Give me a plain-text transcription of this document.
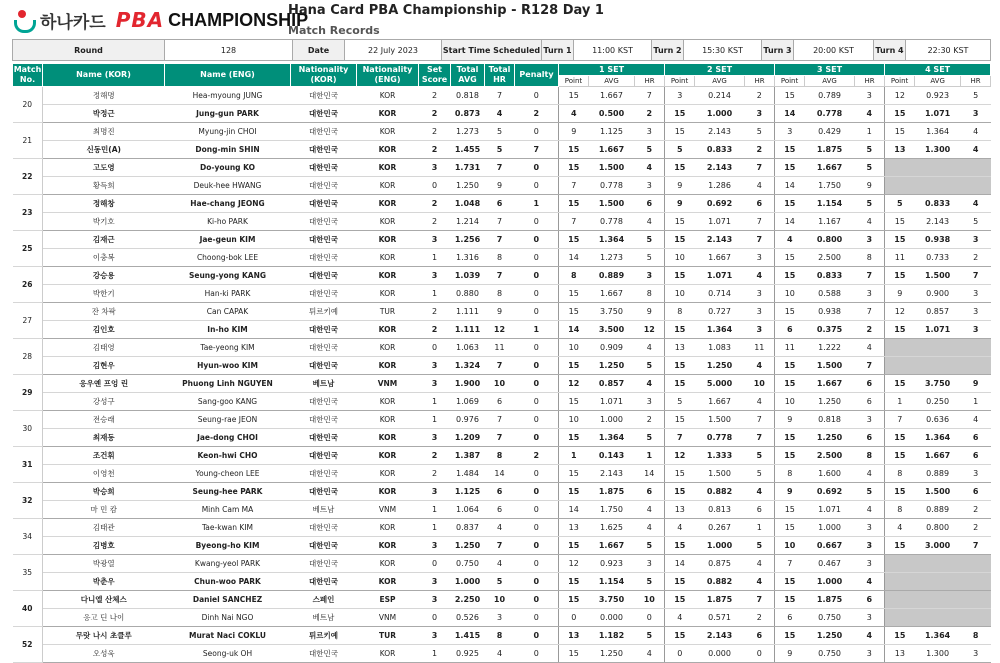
하나카드 PBA CHAMPIONSHIP
Hana Card PBA Championship - R128 Day 1
Match Records
Round	128	Date	22 July 2023	Start Time Scheduled	Turn 1	11:00 KST	Turn 2	15:30 KST	Turn 3	20:00 KST	Turn 4	22:30 KST
Match No.	Name (KOR)	Name (ENG)	Nationality (KOR)	Nationality (ENG)	Set Score	Total AVG	Total HR	Penalty	1 SET			2 SET			3 SET			4 SET		
									Point	AVG	HR	Point	AVG	HR	Point	AVG	HR	Point	AVG	HR
20	정해명	Hea-myoung JUNG	대한민국	KOR	2	0.818	7	0	15	1.667	7	3	0.214	2	15	0.789	3	12	0.923	5
	박정근	Jung-gun PARK	대한민국	KOR	2	0.873	4	2	4	0.500	2	15	1.000	3	14	0.778	4	15	1.071	3
21	최명진	Myung-jin CHOI	대한민국	KOR	2	1.273	5	0	9	1.125	3	15	2.143	5	3	0.429	1	15	1.364	4
	신동민(A)	Dong-min SHIN	대한민국	KOR	2	1.455	5	7	15	1.667	5	5	0.833	2	15	1.875	5	13	1.300	4
22	고도영	Do-young KO	대한민국	KOR	3	1.731	7	0	15	1.500	4	15	2.143	7	15	1.667	5			
	황득희	Deuk-hee HWANG	대한민국	KOR	0	1.250	9	0	7	0.778	3	9	1.286	4	14	1.750	9			
23	정해창	Hae-chang JEONG	대한민국	KOR	2	1.048	6	1	15	1.500	6	9	0.692	6	15	1.154	5	5	0.833	4
	박기호	Ki-ho PARK	대한민국	KOR	2	1.214	7	0	7	0.778	4	15	1.071	7	14	1.167	4	15	2.143	5
25	김재근	Jae-geun KIM	대한민국	KOR	3	1.256	7	0	15	1.364	5	15	2.143	7	4	0.800	3	15	0.938	3
	이충복	Choong-bok LEE	대한민국	KOR	1	1.316	8	0	14	1.273	5	10	1.667	3	15	2.500	8	11	0.733	2
26	강승용	Seung-yong KANG	대한민국	KOR	3	1.039	7	0	8	0.889	3	15	1.071	4	15	0.833	7	15	1.500	7
	박한기	Han-ki PARK	대한민국	KOR	1	0.880	8	0	15	1.667	8	10	0.714	3	10	0.588	3	9	0.900	3
27	잔 차팍	Can CAPAK	튀르키예	TUR	2	1.111	9	0	15	3.750	9	8	0.727	3	15	0.938	7	12	0.857	3
	김인호	In-ho KIM	대한민국	KOR	2	1.111	12	1	14	3.500	12	15	1.364	3	6	0.375	2	15	1.071	3
28	김태영	Tae-yeong KIM	대한민국	KOR	0	1.063	11	0	10	0.909	4	13	1.083	11	11	1.222	4			
	김현우	Hyun-woo KIM	대한민국	KOR	3	1.324	7	0	15	1.250	5	15	1.250	4	15	1.500	7			
29	응우옌 프엉 린	Phuong Linh NGUYEN	베트남	VNM	3	1.900	10	0	12	0.857	4	15	5.000	10	15	1.667	6	15	3.750	9
	강성구	Sang-goo KANG	대한민국	KOR	1	1.069	6	0	15	1.071	3	5	1.667	4	10	1.250	6	1	0.250	1
30	전승래	Seung-rae JEON	대한민국	KOR	1	0.976	7	0	10	1.000	2	15	1.500	7	9	0.818	3	7	0.636	4
	최재동	Jae-dong CHOI	대한민국	KOR	3	1.209	7	0	15	1.364	5	7	0.778	7	15	1.250	6	15	1.364	6
31	조건휘	Keon-hwi CHO	대한민국	KOR	2	1.387	8	2	1	0.143	1	12	1.333	5	15	2.500	8	15	1.667	6
	이영천	Young-cheon LEE	대한민국	KOR	2	1.484	14	0	15	2.143	14	15	1.500	5	8	1.600	4	8	0.889	3
32	박승희	Seung-hee PARK	대한민국	KOR	3	1.125	6	0	15	1.875	6	15	0.882	4	9	0.692	5	15	1.500	6
	마 민 캄	Minh Cam MA	베트남	VNM	1	1.064	6	0	14	1.750	4	13	0.813	6	15	1.071	4	8	0.889	2
34	김태관	Tae-kwan KIM	대한민국	KOR	1	0.837	4	0	13	1.625	4	4	0.267	1	15	1.000	3	4	0.800	2
	김병호	Byeong-ho KIM	대한민국	KOR	3	1.250	7	0	15	1.667	5	15	1.000	5	10	0.667	3	15	3.000	7
35	박광열	Kwang-yeol PARK	대한민국	KOR	0	0.750	4	0	12	0.923	3	14	0.875	4	7	0.467	3			
	박춘우	Chun-woo PARK	대한민국	KOR	3	1.000	5	0	15	1.154	5	15	0.882	4	15	1.000	4			
40	다니엘 산체스	Daniel SANCHEZ	스페인	ESP	3	2.250	10	0	15	3.750	10	15	1.875	7	15	1.875	6			
	응고 딘 나이	Dinh Nai NGO	베트남	VNM	0	0.526	3	0	0	0.000	0	4	0.571	2	6	0.750	3			
52	무랏 나시 초클루	Murat Naci COKLU	튀르키예	TUR	3	1.415	8	0	13	1.182	5	15	2.143	6	15	1.250	4	15	1.364	8
	오성욱	Seong-uk OH	대한민국	KOR	1	0.925	4	0	15	1.250	4	0	0.000	0	9	0.750	3	13	1.300	3
